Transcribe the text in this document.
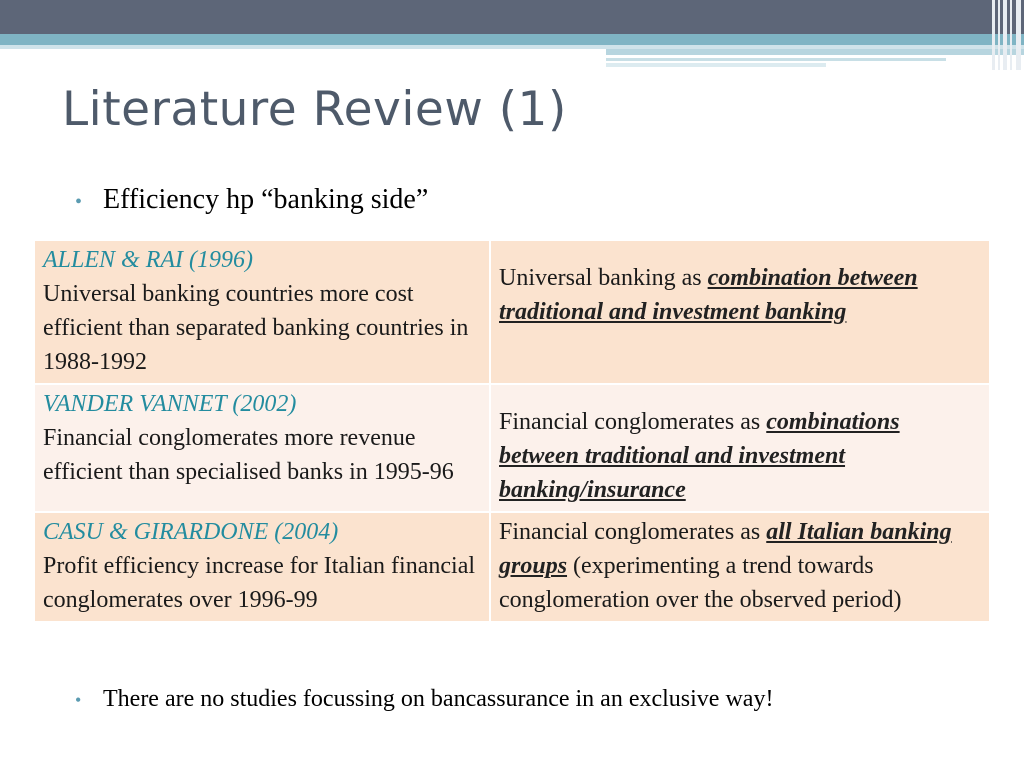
Literature Review (1)
• Efficiency hp “banking side”
ALLEN & RAI (1996)
Universal banking countries more cost efficient than separated banking countries in 1988-1992	Universal banking as combination between traditional and investment banking

VANDER VANNET (2002)
Financial conglomerates more revenue efficient than specialised banks in 1995-96	Financial conglomerates as combinations between traditional and investment banking/insurance

CASU & GIRARDONE (2004)
Profit efficiency increase for Italian financial conglomerates over 1996-99	Financial conglomerates as all Italian banking groups (experimenting a trend towards conglomeration over the observed period)
• There are no studies focussing on bancassurance in an exclusive way!
